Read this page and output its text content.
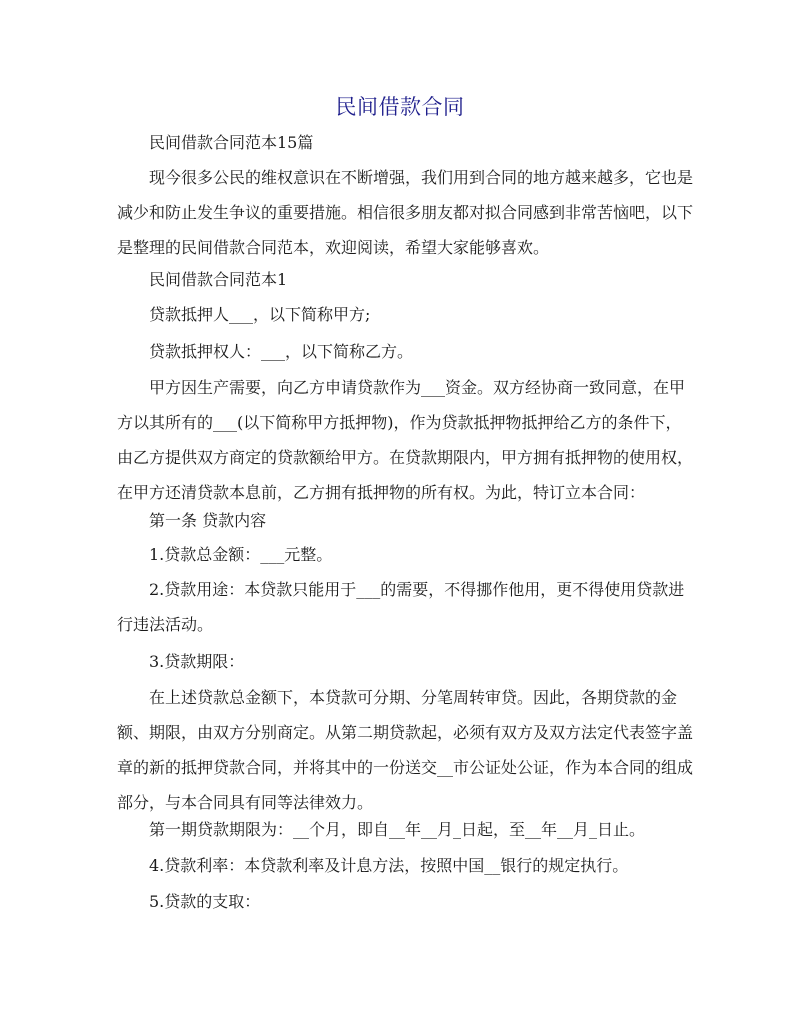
民间借款合同
民间借款合同范本15篇
现今很多公民的维权意识在不断增强，我们用到合同的地方越来越多，它也是
减少和防止发生争议的重要措施。相信很多朋友都对拟合同感到非常苦恼吧，以下
是整理的民间借款合同范本，欢迎阅读，希望大家能够喜欢。
民间借款合同范本1
贷款抵押人___，以下简称甲方;
贷款抵押权人：___，以下简称乙方。
甲方因生产需要，向乙方申请贷款作为___资金。双方经协商一致同意，在甲
方以其所有的___(以下简称甲方抵押物)，作为贷款抵押物抵押给乙方的条件下，
由乙方提供双方商定的贷款额给甲方。在贷款期限内，甲方拥有抵押物的使用权，
在甲方还清贷款本息前，乙方拥有抵押物的所有权。为此，特订立本合同：
第一条 贷款内容
1.贷款总金额：___元整。
2.贷款用途：本贷款只能用于___的需要，不得挪作他用，更不得使用贷款进
行违法活动。
3.贷款期限：
在上述贷款总金额下，本贷款可分期、分笔周转审贷。因此，各期贷款的金
额、期限，由双方分别商定。从第二期贷款起，必须有双方及双方法定代表签字盖
章的新的抵押贷款合同，并将其中的一份送交__市公证处公证，作为本合同的组成
部分，与本合同具有同等法律效力。
第一期贷款期限为：__个月，即自__年__月_日起，至__年__月_日止。
4.贷款利率：本贷款利率及计息方法，按照中国__银行的规定执行。
5.贷款的支取：
